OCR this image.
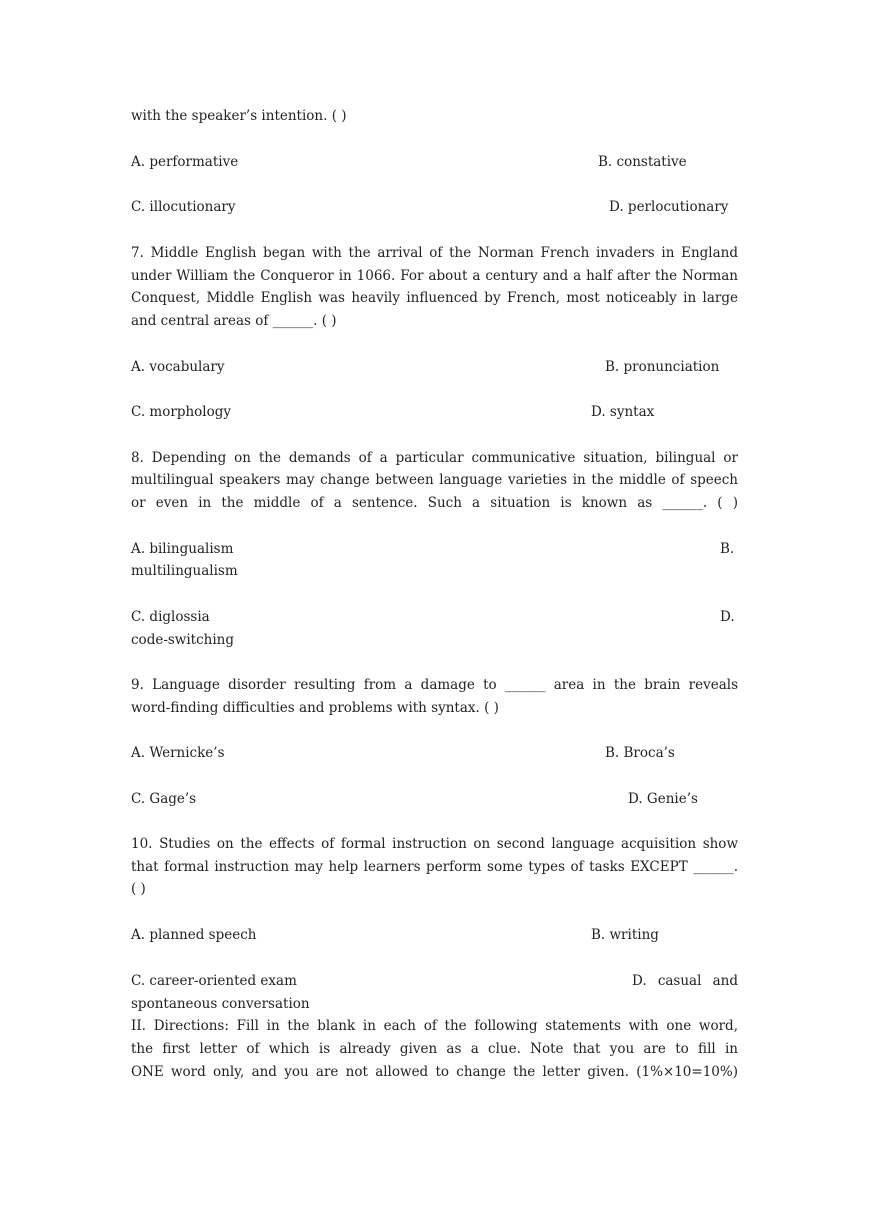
with the speaker’s intention. ( )
A. performative	B. constative
C. illocutionary	D. perlocutionary
7. Middle English began with the arrival of the Norman French invaders in England
under William the Conqueror in 1066. For about a century and a half after the Norman
Conquest, Middle English was heavily influenced by French, most noticeably in large
and central areas of ______. ( )
A. vocabulary	B. pronunciation
C. morphology	D. syntax
8. Depending on the demands of a particular communicative situation, bilingual or
multilingual speakers may change between language varieties in the middle of speech
or even in the middle of a sentence. Such a situation is known as ______. ( )
A. bilingualism	B.
multilingualism
C. diglossia	D.
code-switching
9. Language disorder resulting from a damage to ______ area in the brain reveals
word-finding difficulties and problems with syntax. ( )
A. Wernicke’s	B. Broca’s
C. Gage’s	D. Genie’s
10. Studies on the effects of formal instruction on second language acquisition show
that formal instruction may help learners perform some types of tasks EXCEPT ______.
( )
A. planned speech	B. writing
C. career-oriented exam	D. casual and
spontaneous conversation
II. Directions: Fill in the blank in each of the following statements with one word,
the first letter of which is already given as a clue. Note that you are to fill in
ONE word only, and you are not allowed to change the letter given. (1%×10=10%)
